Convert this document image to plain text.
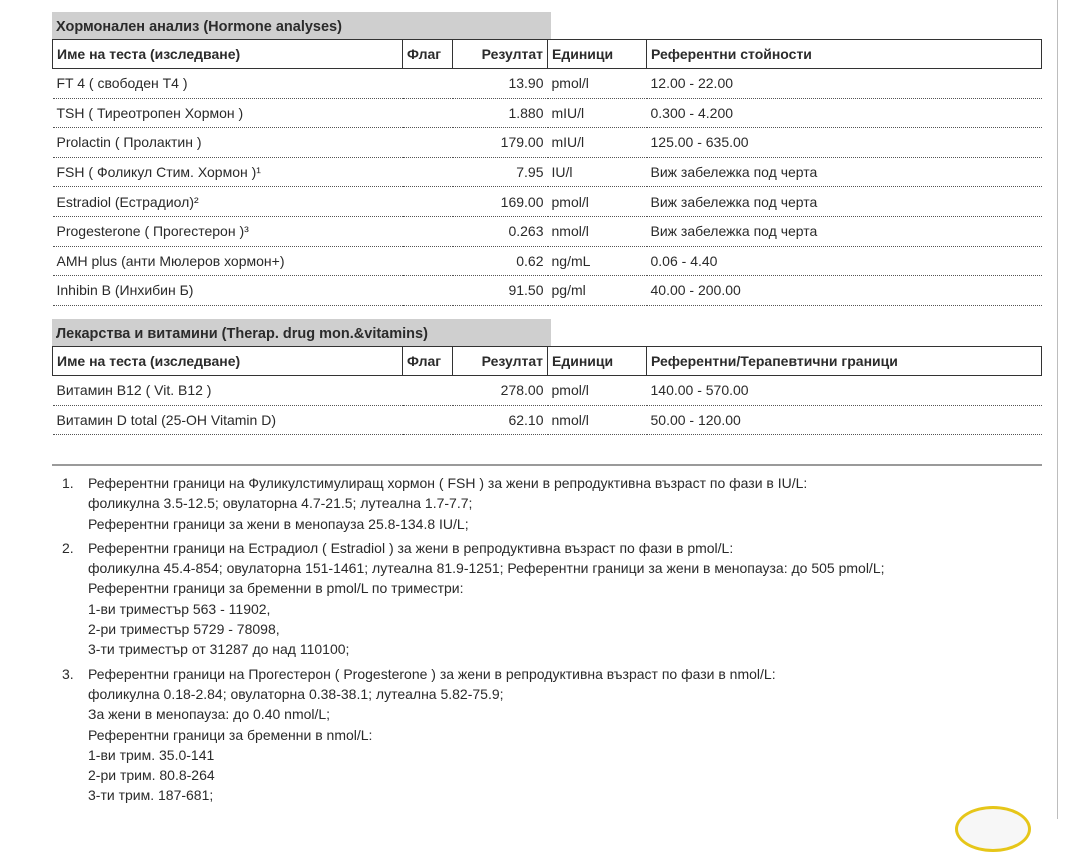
Хормонален анализ (Hormone analyses)
Име на теста (изследване)	Флаг	Резултат	Единици	Референтни стойности
FT 4 ( свободен T4 )		13.90	pmol/l	12.00 - 22.00
TSH ( Тиреотропен Хормон )		1.880	mIU/l	0.300 - 4.200
Prolactin ( Пролактин )		179.00	mIU/l	125.00 - 635.00
FSH ( Фоликул Стим. Хормон )¹		7.95	IU/l	Виж забележка под черта
Estradiol (Естрадиол)²		169.00	pmol/l	Виж забележка под черта
Progesterone ( Прогестерон )³		0.263	nmol/l	Виж забележка под черта
AMH plus (анти Мюлеров хормон+)		0.62	ng/mL	0.06 - 4.40
Inhibin B (Инхибин Б)		91.50	pg/ml	40.00 - 200.00
Лекарства и витамини (Therap. drug mon.&vitamins)
Име на теста (изследване)	Флаг	Резултат	Единици	Референтни/Терапевтични граници
Витамин B12 ( Vit. B12 )		278.00	pmol/l	140.00 - 570.00
Витамин D total (25-OH Vitamin D)		62.10	nmol/l	50.00 - 120.00
1.	Референтни граници на Фуликулстимулиращ хормон ( FSH ) за жени в репродуктивна възраст по фази в IU/L:
фоликулна 3.5-12.5; овулаторна 4.7-21.5; лутеална 1.7-7.7;
Референтни граници за жени в менопауза 25.8-134.8 IU/L;
2.	Референтни граници на Естрадиол ( Estradiol ) за жени в репродуктивна възраст по фази в pmol/L:
фоликулна 45.4-854; овулаторна 151-1461; лутеална 81.9-1251; Референтни граници за жени в менопауза: до 505 pmol/L;
Референтни граници за бременни в pmol/L по триместри:
1-ви триместър 563 - 11902,
2-ри триместър 5729 - 78098,
3-ти триместър от 31287 до над 110100;
3.	Референтни граници на Прогестерон ( Progesterone ) за жени в репродуктивна възраст по фази в nmol/L:
фоликулна 0.18-2.84; овулаторна 0.38-38.1; лутеална 5.82-75.9;
За жени в менопауза: до 0.40 nmol/L;
Референтни граници за бременни в nmol/L:
1-ви трим. 35.0-141
2-ри трим. 80.8-264
3-ти трим. 187-681;
